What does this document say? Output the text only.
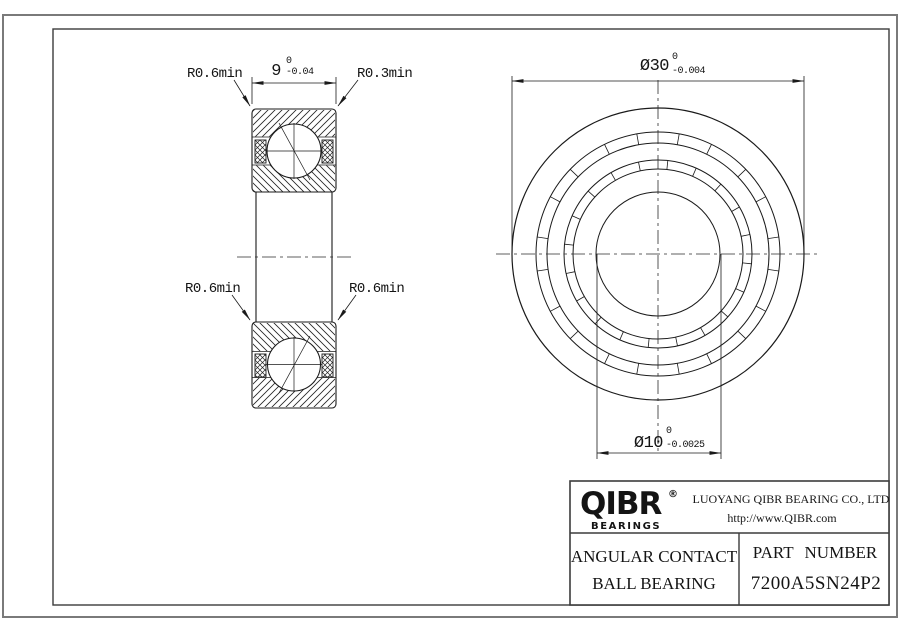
9
0
-0.04
R0.6min	R0.3min
R0.6min	R0.6min
Ø30 0
-0.004
Ø10
0
-0.0025
QIBR ®
BEARINGS
LUOYANG QIBR BEARING CO., LTD
http://www.QIBR.com
ANGULAR CONTACT
BALL BEARING
PART NUMBER
7200A5SN24P2
